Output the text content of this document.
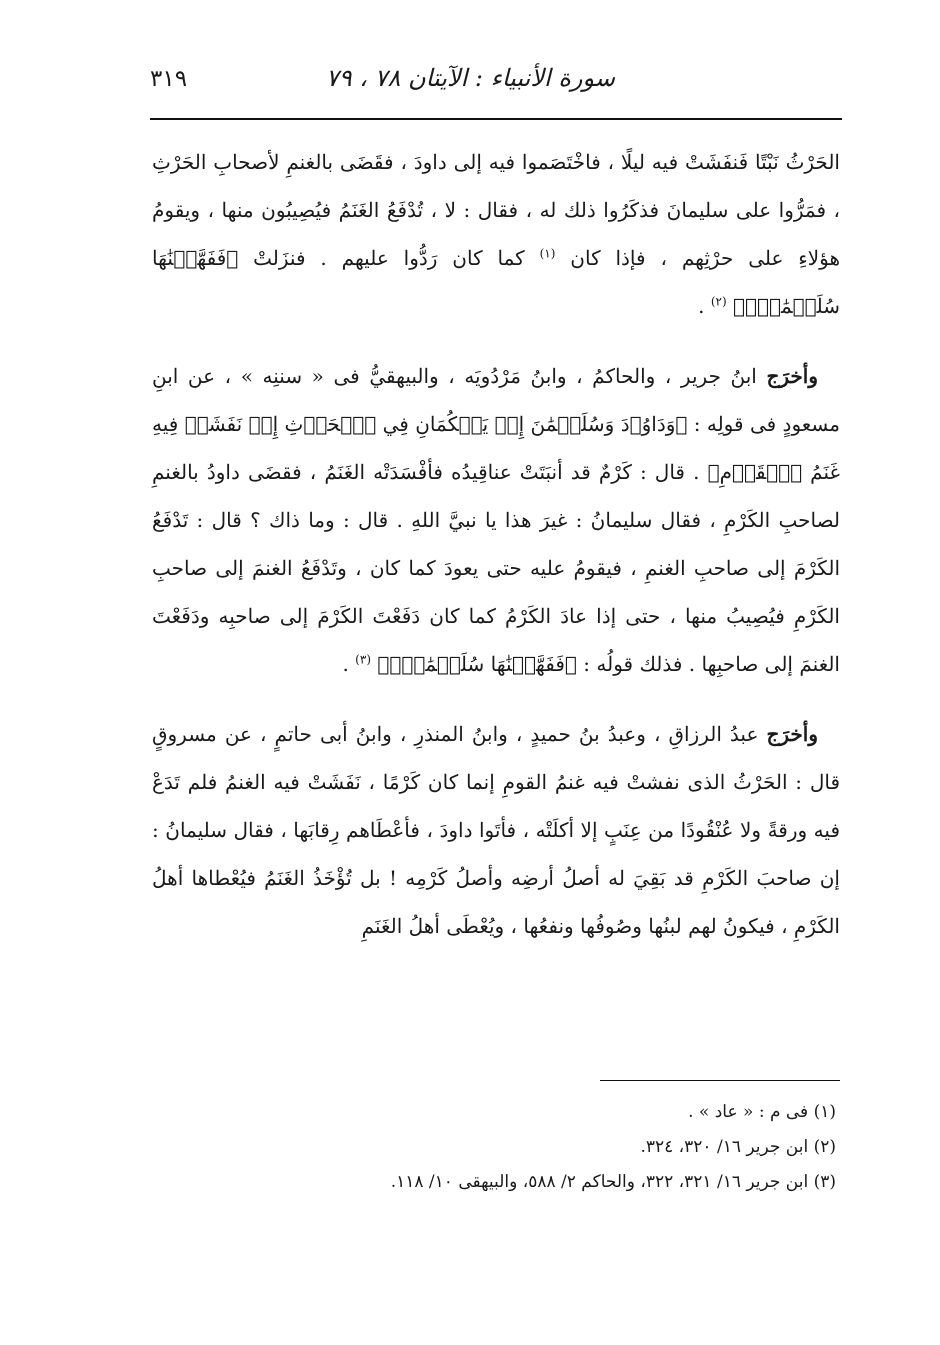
سورة الأنبياء : الآيتان ٧٨ ، ٧٩
٣١٩

الحَرْثُ نَبْتًا فَنفَشَتْ فيه ليلًا ، فاخْتَصَموا فيه إلى داودَ ، فقَضَى بالغنمِ لأصحابِ الحَرْثِ ، فمَرُّوا على سليمانَ فذكَرُوا ذلك له ، فقال : لا ، تُدْفَعُ الغَنَمُ فيُصِيبُون منها ، ويقومُ هؤلاءِ على حرْثِهم ، فإذا كان $^{(١)}$ كما كان رَدُّوا عليهم . فنزَلتْ ﴿فَفَهَّمۡنَٰهَا سُلَيۡمَٰنَۚ﴾ $^{(٢)}$ .

وأخرَج ابنُ جرير ، والحاكمُ ، وابنُ مَرْدُويَه ، والبيهقيُّ فى « سننِه » ، عن ابنِ مسعودٍ فى قولِه : ﴿وَدَاوُۥدَ وَسُلَيۡمَٰنَ إِذۡ يَحۡكُمَانِ فِي ٱلۡحَرۡثِ إِذۡ نَفَشَتۡ فِيهِ غَنَمُ ٱلۡقَوۡمِ﴾ . قال : كَرْمٌ قد أنبَتَتْ عناقِيدُه فأفْسَدَتْه الغَنَمُ ، فقضَى داودُ بالغنمِ لصاحبِ الكَرْمِ ، فقال سليمانُ : غيرَ هذا يا نبيَّ اللهِ . قال : وما ذاك ؟ قال : تَدْفَعُ الكَرْمَ إلى صاحبِ الغنمِ ، فيقومُ عليه حتى يعودَ كما كان ، وتَدْفَعُ الغنمَ إلى صاحبِ الكَرْمِ فيُصِيبُ منها ، حتى إذا عادَ الكَرْمُ كما كان دَفَعْتَ الكَرْمَ إلى صاحبِه ودَفَعْتَ الغنمَ إلى صاحبِها . فذلك قولُه : ﴿فَفَهَّمۡنَٰهَا سُلَيۡمَٰنَۚ﴾ $^{(٣)}$ .

وأخرَج عبدُ الرزاقِ ، وعبدُ بنُ حميدٍ ، وابنُ المنذرِ ، وابنُ أبى حاتمٍ ، عن مسروقٍ قال : الحَرْثُ الذى نفشتْ فيه غنمُ القومِ إنما كان كَرْمًا ، نَفَشَتْ فيه الغنمُ فلم تَدَعْ فيه ورقةً ولا عُنْقُودًا من عِنَبٍ إلا أكلَتْه ، فأتَوا داودَ ، فأعْطَاهم رِقابَها ، فقال سليمانُ : إن صاحبَ الكَرْمِ قد بَقِيَ له أصلُ أرضِه وأصلُ كَرْمِه ! بل تُؤْخَذُ الغَنَمُ فيُعْطاها أهلُ الكَرْمِ ، فيكونُ لهم لبنُها وصُوفُها ونفعُها ، ويُعْطَى أهلُ الغَنَمِ

(١) فى م : « عاد » .

(٢) ابن جرير ١٦/ ٣٢٠، ٣٢٤.

(٣) ابن جرير ١٦/ ٣٢١، ٣٢٢، والحاكم ٢/ ٥٨٨، والبيهقى ١٠/ ١١٨.
